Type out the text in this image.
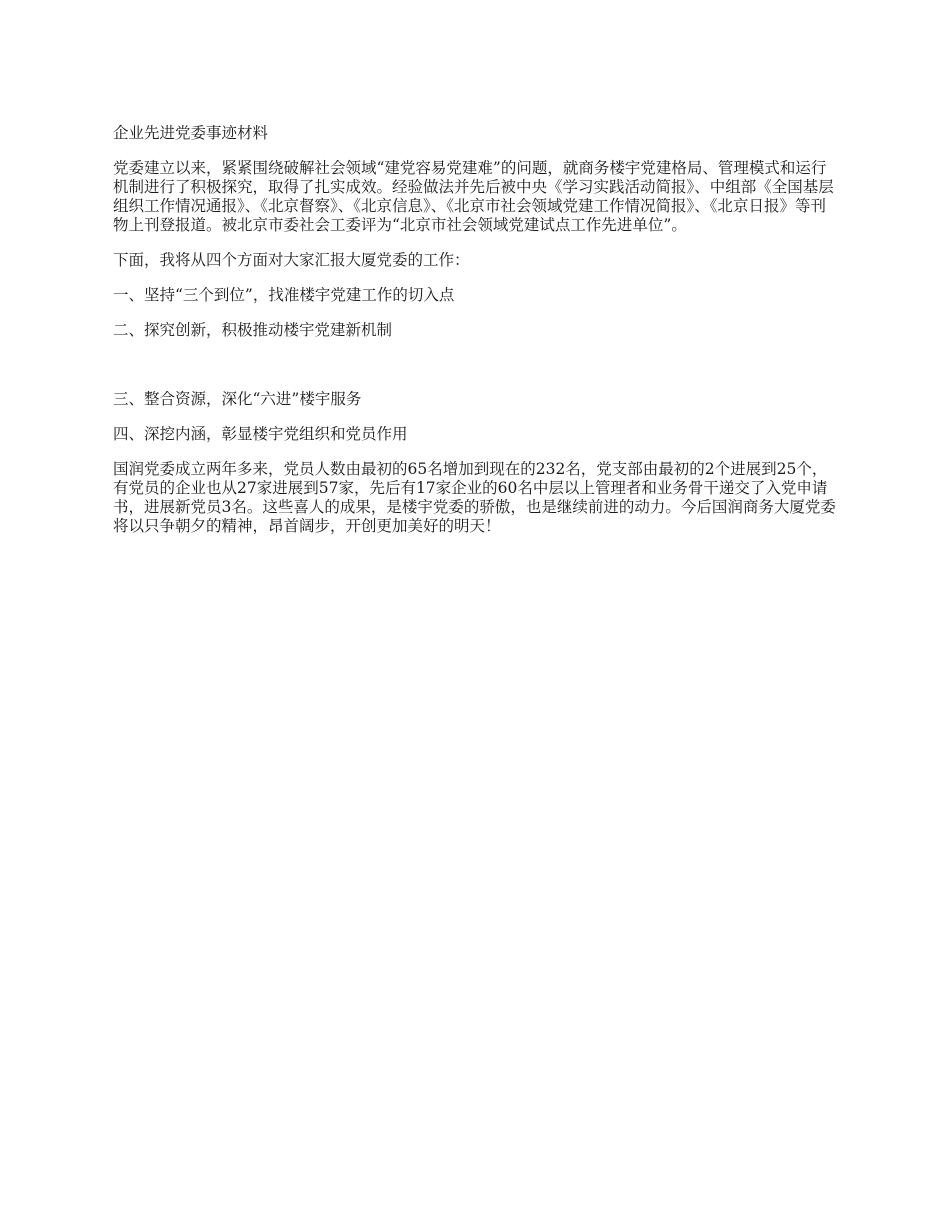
企业先进党委事迹材料

党委建立以来，紧紧围绕破解社会领域“建党容易党建难”的问题，就商务楼宇党建格局、管理模式和运行机制进行了积极探究，取得了扎实成效。经验做法并先后被中央《学习实践活动简报》、中组部《全国基层组织工作情况通报》、《北京督察》、《北京信息》、《北京市社会领域党建工作情况简报》、《北京日报》等刊物上刊登报道。被北京市委社会工委评为“北京市社会领域党建试点工作先进单位”。

下面，我将从四个方面对大家汇报大厦党委的工作：

一、坚持“三个到位”，找准楼宇党建工作的切入点

二、探究创新，积极推动楼宇党建新机制

三、整合资源，深化“六进”楼宇服务

四、深挖内涵，彰显楼宇党组织和党员作用

国润党委成立两年多来，党员人数由最初的65名增加到现在的232名，党支部由最初的2个进展到25个，有党员的企业也从27家进展到57家，先后有17家企业的60名中层以上管理者和业务骨干递交了入党申请书，进展新党员3名。这些喜人的成果，是楼宇党委的骄傲，也是继续前进的动力。今后国润商务大厦党委将以只争朝夕的精神，昂首阔步，开创更加美好的明天！
